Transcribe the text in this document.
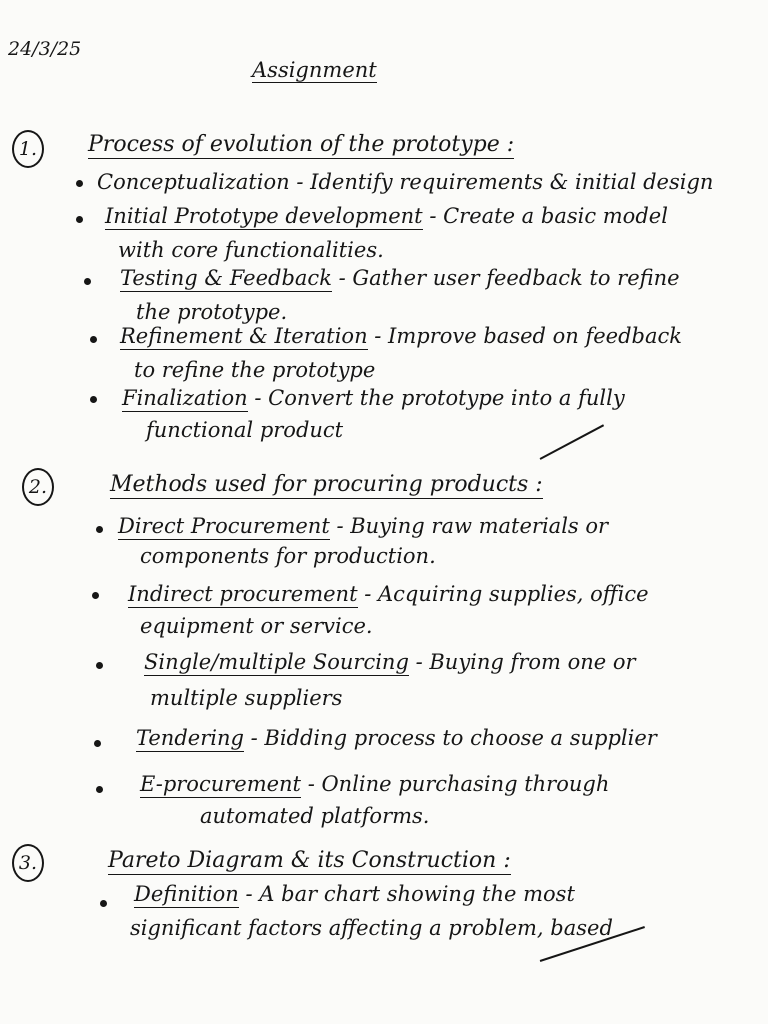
24/3/25
Assignment
1.	Process of evolution of the prototype :
Conceptualization - Identify requirements & initial design
Initial Prototype development - Create a basic model
with core functionalities.
Testing & Feedback - Gather user feedback to refine
the prototype.
Refinement & Iteration - Improve based on feedback
to refine the prototype
Finalization - Convert the prototype into a fully
functional product
2.	Methods used for procuring products :
Direct Procurement - Buying raw materials or
components for production.
Indirect procurement - Acquiring supplies, office
equipment or service.
Single/multiple Sourcing - Buying from one or
multiple suppliers
Tendering - Bidding process to choose a supplier
E-procurement - Online purchasing through
automated platforms.
3.	Pareto Diagram & its Construction :
Definition - A bar chart showing the most
significant factors affecting a problem, based
